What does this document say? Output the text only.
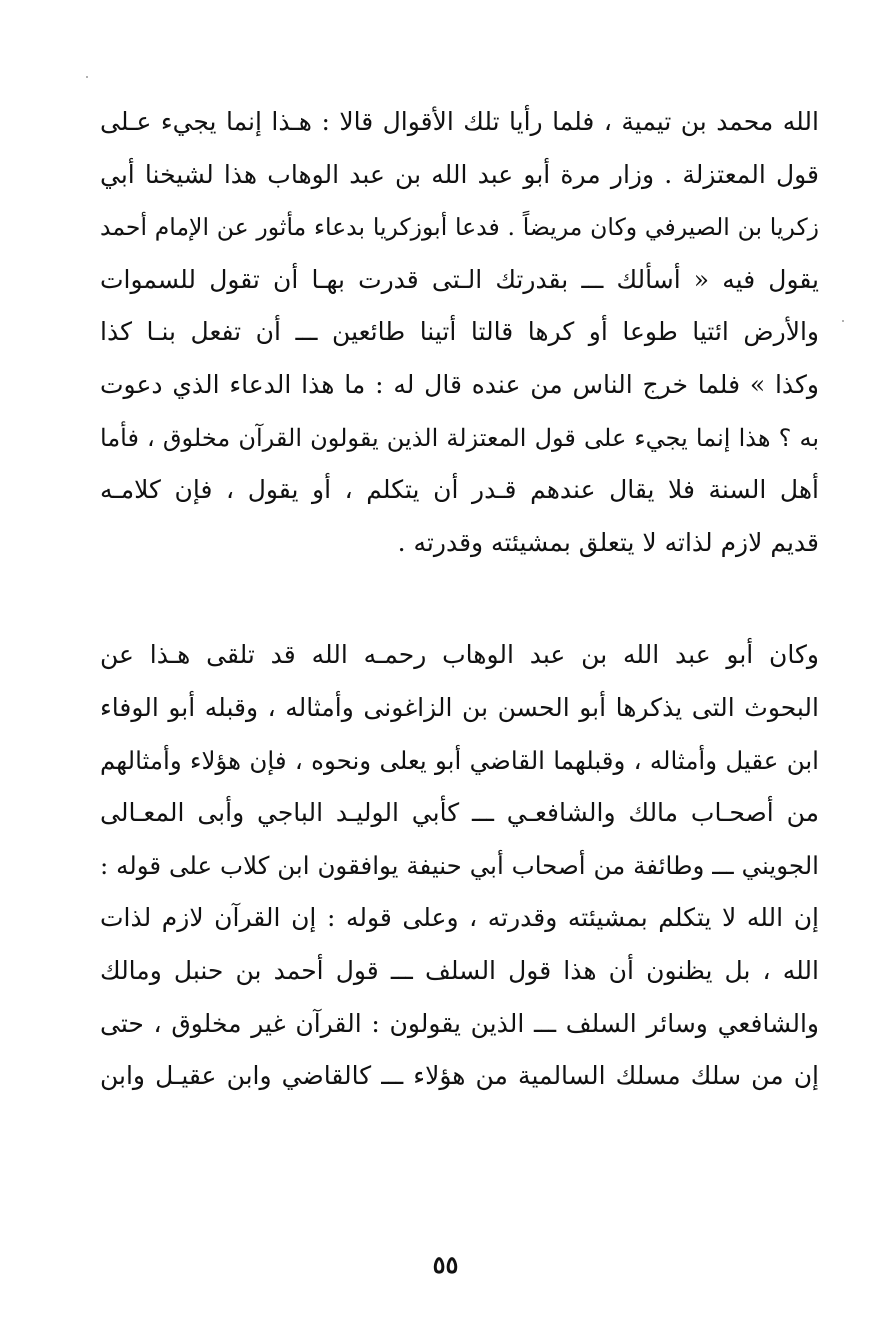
الله محمد بن تيمية ، فلما رأيا تلك الأقوال قالا : هـذا إنما يجيء عـلى
قول المعتزلة . وزار مرة أبو عبد الله بن عبد الوهاب هذا لشيخنا أبي
زكريا بن الصيرفي وكان مريضاً . فدعا أبوزكريا بدعاء مأثور عن الإمام أحمد
يقول فيه « أسألك ـــ بقدرتك الـتى قدرت بهـا أن تقول للسموات
والأرض ائتيا طوعا أو كرها قالتا أتينا طائعين ـــ أن تفعل بنـا كذا
وكذا » فلما خرج الناس من عنده قال له : ما هذا الدعاء الذي دعوت
به ؟ هذا إنما يجيء على قول المعتزلة الذين يقولون القرآن مخلوق ، فأما
أهل السنة فلا يقال عندهم قـدر أن يتكلم ، أو يقول ، فإن كلامـه
قديم لازم لذاته لا يتعلق بمشيئته وقدرته .
وكان أبو عبد الله بن عبد الوهاب رحمـه الله قد تلقى هـذا عن
البحوث التى يذكرها أبو الحسن بن الزاغونى وأمثاله ، وقبله أبو الوفاء
ابن عقيل وأمثاله ، وقبلهما القاضي أبو يعلى ونحوه ، فإن هؤلاء وأمثالهم
من أصحـاب مالك والشافعـي ـــ كأبي الوليـد الباجي وأبى المعـالى
الجويني ـــ وطائفة من أصحاب أبي حنيفة يوافقون ابن كلاب على قوله :
إن الله لا يتكلم بمشيئته وقدرته ، وعلى قوله : إن القرآن لازم لذات
الله ، بل يظنون أن هذا قول السلف ـــ قول أحمد بن حنبل ومالك
والشافعي وسائر السلف ـــ الذين يقولون : القرآن غير مخلوق ، حتى
إن من سلك مسلك السالمية من هؤلاء ـــ كالقاضي وابن عقيـل وابن
٥٥
